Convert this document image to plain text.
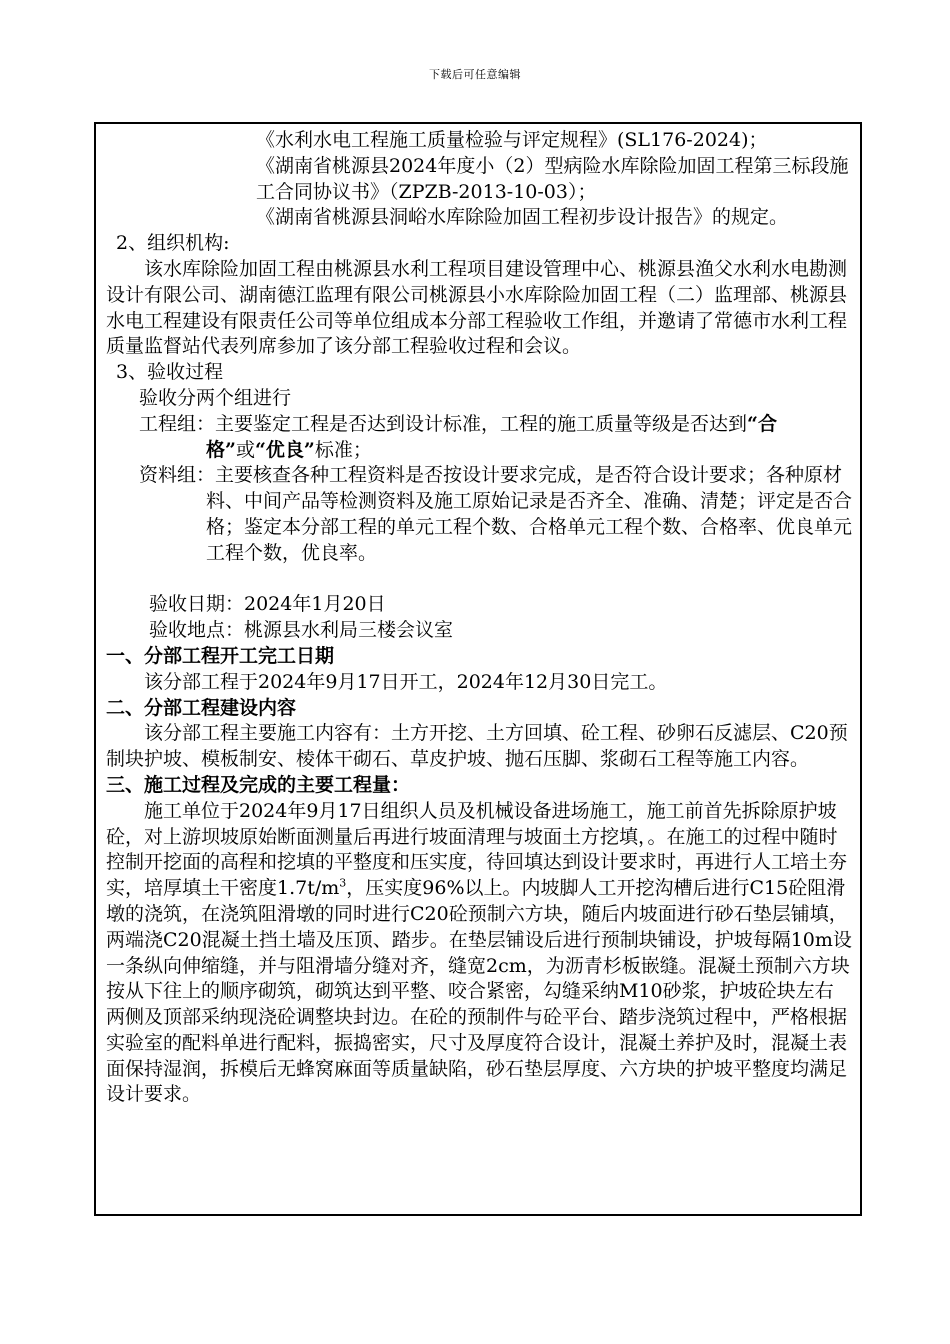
下载后可任意编辑

《水利水电工程施工质量检验与评定规程》(SL176-2024)；

《湖南省桃源县2024年度小（2）型病险水库除险加固工程第三标段施工合同协议书》（ZPZB-2013-10-03）；

《湖南省桃源县洞峪水库除险加固工程初步设计报告》的规定。

2、组织机构:

该水库除险加固工程由桃源县水利工程项目建设管理中心、桃源县渔父水利水电勘测设计有限公司、湖南德江监理有限公司桃源县小水库除险加固工程（二）监理部、桃源县水电工程建设有限责任公司等单位组成本分部工程验收工作组，并邀请了常德市水利工程质量监督站代表列席参加了该分部工程验收过程和会议。

3、验收过程

验收分两个组进行

工程组：主要鉴定工程是否达到设计标准，工程的施工质量等级是否达到“合格”或“优良”标准；

资料组：主要核查各种工程资料是否按设计要求完成，是否符合设计要求；各种原材料、中间产品等检测资料及施工原始记录是否齐全、准确、清楚；评定是否合格；鉴定本分部工程的单元工程个数、合格单元工程个数、合格率、优良单元工程个数，优良率。

验收日期：2024年1月20日

验收地点：桃源县水利局三楼会议室

一、分部工程开工完工日期

该分部工程于2024年9月17日开工，2024年12月30日完工。

二、分部工程建设内容

该分部工程主要施工内容有：土方开挖、土方回填、砼工程、砂卵石反滤层、C20预制块护坡、模板制安、棱体干砌石、草皮护坡、抛石压脚、浆砌石工程等施工内容。

三、施工过程及完成的主要工程量：

施工单位于2024年9月17日组织人员及机械设备进场施工，施工前首先拆除原护坡砼，对上游坝坡原始断面测量后再进行坡面清理与坡面土方挖填，。在施工的过程中随时控制开挖面的高程和挖填的平整度和压实度，待回填达到设计要求时，再进行人工培土夯实，培厚填土干密度$1.7t/m^3$，压实度96%以上。内坡脚人工开挖沟槽后进行C15砼阻滑墩的浇筑，在浇筑阻滑墩的同时进行C20砼预制六方块，随后内坡面进行砂石垫层铺填，两端浇C20混凝土挡土墙及压顶、踏步。在垫层铺设后进行预制块铺设，护坡每隔10m设一条纵向伸缩缝，并与阻滑墙分缝对齐，缝宽2cm，为沥青杉板嵌缝。混凝土预制六方块按从下往上的顺序砌筑，砌筑达到平整、咬合紧密，勾缝采纳M10砂浆，护坡砼块左右两侧及顶部采纳现浇砼调整块封边。在砼的预制件与砼平台、踏步浇筑过程中，严格根据实验室的配料单进行配料，振捣密实，尺寸及厚度符合设计，混凝土养护及时，混凝土表面保持湿润，拆模后无蜂窝麻面等质量缺陷，砂石垫层厚度、六方块的护坡平整度均满足设计要求。
